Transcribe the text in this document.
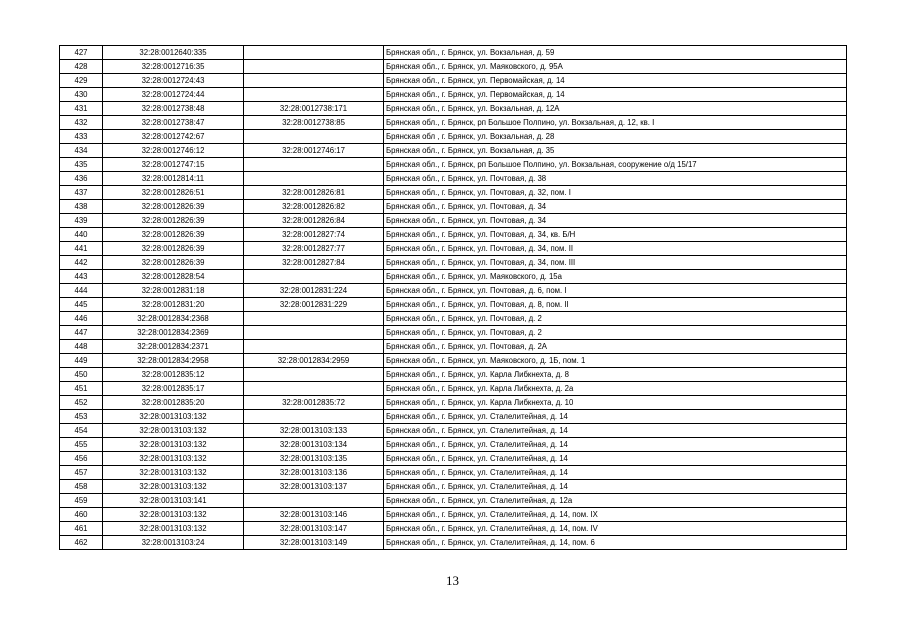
427	32:28:0012640:335		Брянская обл., г. Брянск, ул. Вокзальная, д. 59
428	32:28:0012716:35		Брянская обл., г. Брянск, ул. Маяковского, д. 95А
429	32:28:0012724:43		Брянская обл., г. Брянск, ул. Первомайская, д. 14
430	32:28:0012724:44		Брянская обл., г. Брянск, ул. Первомайская, д. 14
431	32:28:0012738:48	32:28:0012738:171	Брянская обл., г. Брянск, ул. Вокзальная, д. 12А
432	32:28:0012738:47	32:28:0012738:85	Брянская обл., г. Брянск, рп Большое Полпино, ул. Вокзальная, д. 12, кв. I
433	32:28:0012742:67		Брянская обл , г. Брянск, ул. Вокзальная, д. 28
434	32:28:0012746:12	32:28:0012746:17	Брянская обл., г. Брянск, ул. Вокзальная, д. 35
435	32:28:0012747:15		Брянская обл., г. Брянск, рп Большое Полпино, ул. Вокзальная, сооружение о/д 15/17
436	32:28:0012814:11		Брянская обл., г. Брянск, ул. Почтовая, д. 38
437	32:28:0012826:51	32:28:0012826:81	Брянская обл., г. Брянск, ул. Почтовая, д. 32, пом. I
438	32:28:0012826:39	32:28:0012826:82	Брянская обл., г. Брянск, ул. Почтовая, д. 34
439	32:28:0012826:39	32:28:0012826:84	Брянская обл., г. Брянск, ул. Почтовая, д. 34
440	32:28:0012826:39	32:28:0012827:74	Брянская обл., г. Брянск, ул. Почтовая, д. 34, кв. Б/Н
441	32:28:0012826:39	32:28:0012827:77	Брянская обл., г. Брянск, ул. Почтовая, д. 34, пом. II
442	32:28:0012826:39	32:28:0012827:84	Брянская обл., г. Брянск, ул. Почтовая, д. 34, пом. III
443	32:28:0012828:54		Брянская обл., г. Брянск, ул. Маяковского, д. 15а
444	32:28:0012831:18	32:28:0012831:224	Брянская обл., г. Брянск, ул. Почтовая, д. 6, пом. I
445	32:28:0012831:20	32:28:0012831:229	Брянская обл., г. Брянск, ул. Почтовая, д. 8, пом. II
446	32:28:0012834:2368		Брянская обл., г. Брянск, ул. Почтовая, д. 2
447	32:28:0012834:2369		Брянская обл., г. Брянск, ул. Почтовая, д. 2
448	32:28:0012834:2371		Брянская обл., г. Брянск, ул. Почтовая, д. 2А
449	32:28:0012834:2958	32:28:0012834:2959	Брянская обл., г. Брянск, ул. Маяковского, д. 1Б, пом. 1
450	32:28:0012835:12		Брянская обл., г. Брянск, ул. Карла Либкнехта, д. 8
451	32:28:0012835:17		Брянская обл., г. Брянск, ул. Карла Либкнехта, д. 2а
452	32:28:0012835:20	32:28:0012835:72	Брянская обл., г. Брянск, ул. Карла Либкнехта, д. 10
453	32:28:0013103:132		Брянская обл., г. Брянск, ул. Сталелитейная, д. 14
454	32:28:0013103:132	32:28:0013103:133	Брянская обл., г. Брянск, ул. Сталелитейная, д. 14
455	32:28:0013103:132	32:28:0013103:134	Брянская обл., г. Брянск, ул. Сталелитейная, д. 14
456	32:28:0013103:132	32:28:0013103:135	Брянская обл., г. Брянск, ул. Сталелитейная, д. 14
457	32:28:0013103:132	32:28:0013103:136	Брянская обл., г. Брянск, ул. Сталелитейная, д. 14
458	32:28:0013103:132	32:28:0013103:137	Брянская обл., г. Брянск, ул. Сталелитейная, д. 14
459	32:28:0013103:141		Брянская обл., г. Брянск, ул. Сталелитейная, д. 12а
460	32:28:0013103:132	32:28:0013103:146	Брянская обл., г. Брянск, ул. Сталелитейная, д. 14, пом. IX
461	32:28:0013103:132	32:28:0013103:147	Брянская обл., г. Брянск, ул. Сталелитейная, д. 14, пом. IV
462	32:28:0013103:24	32:28:0013103:149	Брянская обл., г. Брянск, ул. Сталелитейная, д. 14, пом. 6
13
